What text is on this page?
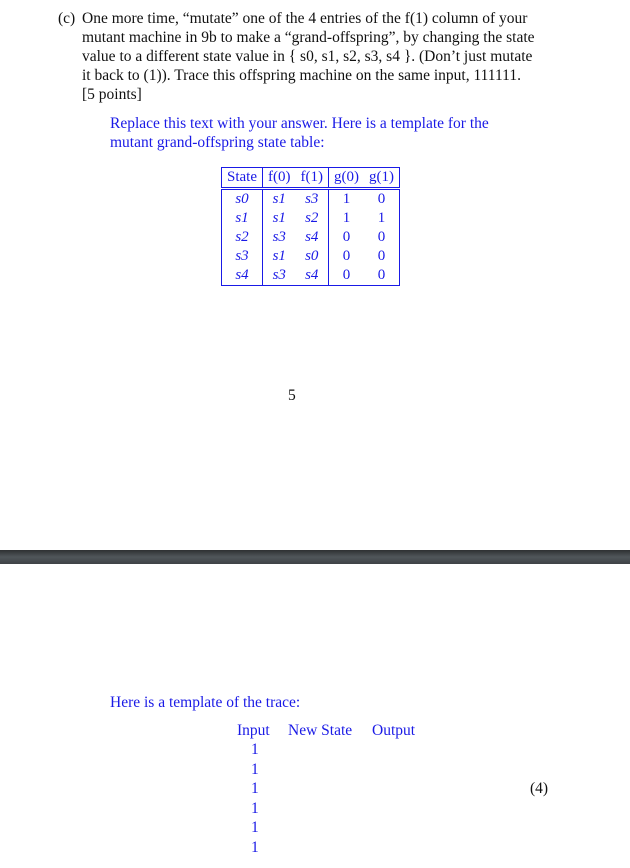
(c) One more time, “mutate” one of the 4 entries of the f(1) column of your
mutant machine in 9b to make a “grand-offspring”, by changing the state
value to a different state value in { s0, s1, s2, s3, s4 }. (Don’t just mutate
it back to (1)). Trace this offspring machine on the same input, 111111.
[5 points]
Replace this text with your answer. Here is a template for the
mutant grand-offspring state table:
State	f(0)	f(1)	g(0)	g(1)
s0	s1	s3	1	0
s1	s1	s2	1	1
s2	s3	s4	0	0
s3	s1	s0	0	0
s4	s3	s4	0	0
5
Here is a template of the trace:
Input New State Output
1
1
1
1
1
1
(4)
